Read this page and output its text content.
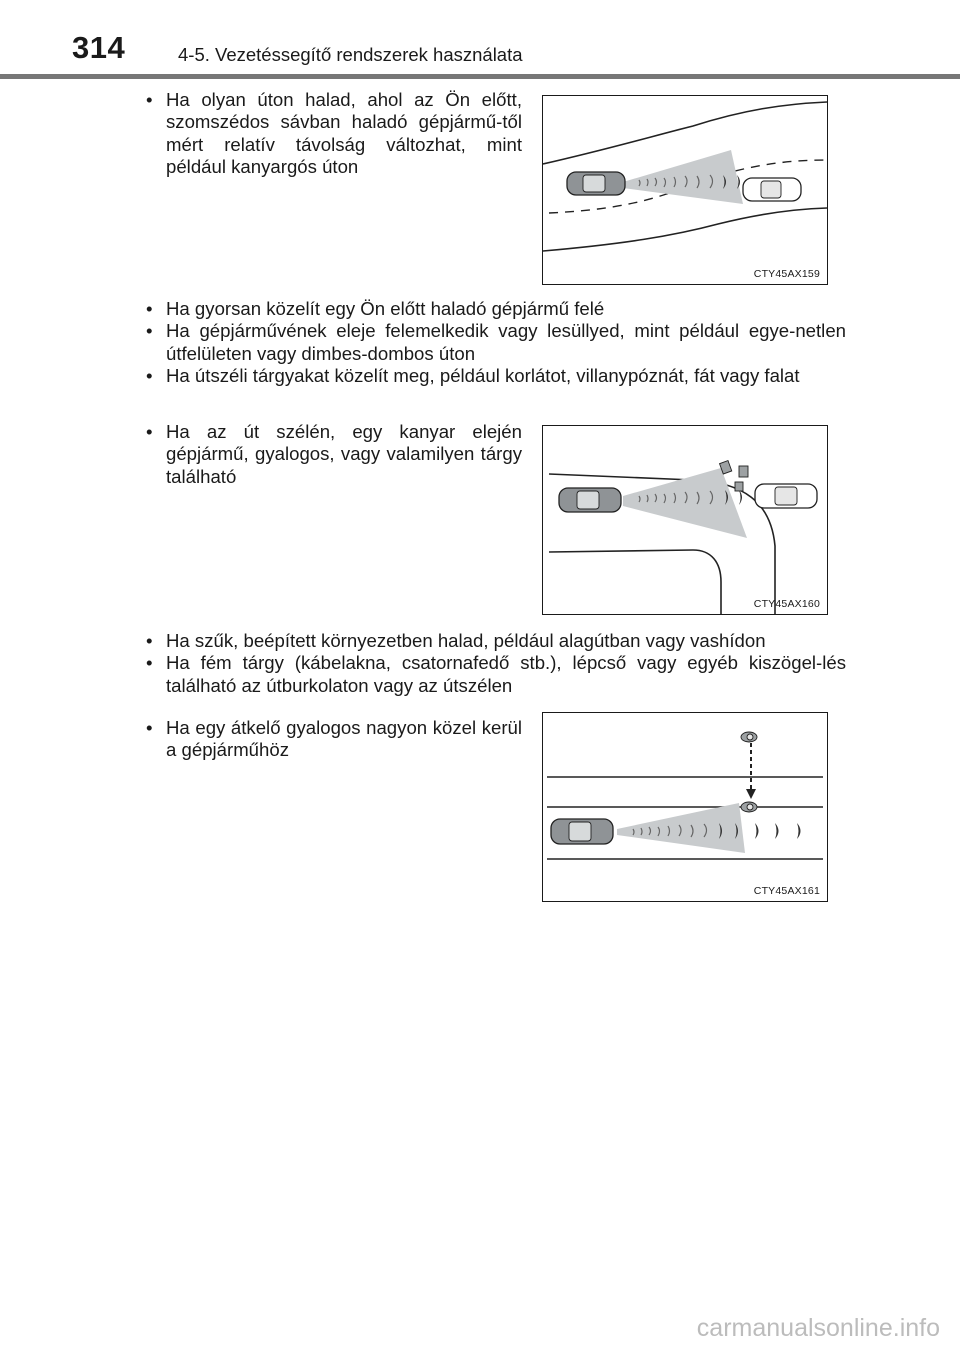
314	4-5. Vezetéssegítő rendszerek használata
• Ha olyan úton halad, ahol az Ön előtt, szomszédos sávban haladó gépjármű-től mért relatív távolság változhat, mint például kanyargós úton
CTY45AX159
• Ha gyorsan közelít egy Ön előtt haladó gépjármű felé
• Ha gépjárművének eleje felemelkedik vagy lesüllyed, mint például egye-netlen útfelületen vagy dimbes-dombos úton
• Ha útszéli tárgyakat közelít meg, például korlátot, villanypóznát, fát vagy falat
• Ha az út szélén, egy kanyar elején gépjármű, gyalogos, vagy valamilyen tárgy található
CTY45AX160
• Ha szűk, beépített környezetben halad, például alagútban vagy vashídon
• Ha fém tárgy (kábelakna, csatornafedő stb.), lépcső vagy egyéb kiszögel-lés található az útburkolaton vagy az útszélen
• Ha egy átkelő gyalogos nagyon közel kerül a gépjárműhöz
CTY45AX161
carmanualsonline.info
